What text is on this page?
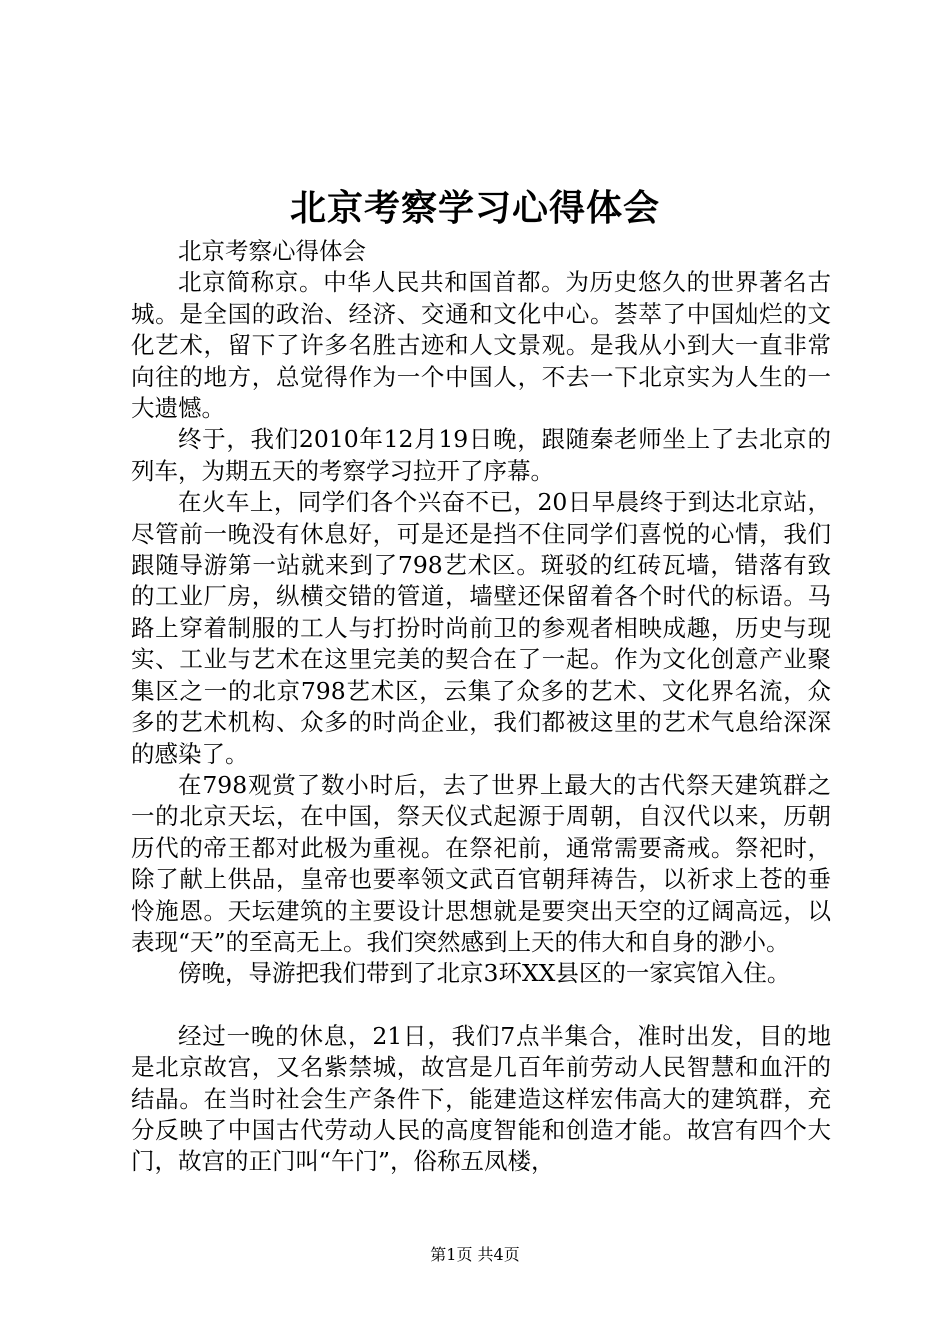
北京考察学习心得体会

北京考察心得体会

北京简称京。中华人民共和国首都。为历史悠久的世界著名古城。是全国的政治、经济、交通和文化中心。荟萃了中国灿烂的文化艺术，留下了许多名胜古迹和人文景观。是我从小到大一直非常向往的地方，总觉得作为一个中国人，不去一下北京实为人生的一大遗憾。

终于，我们2010年12月19日晚，跟随秦老师坐上了去北京的列车，为期五天的考察学习拉开了序幕。

在火车上，同学们各个兴奋不已，20日早晨终于到达北京站，尽管前一晚没有休息好，可是还是挡不住同学们喜悦的心情，我们跟随导游第一站就来到了798艺术区。斑驳的红砖瓦墙，错落有致的工业厂房，纵横交错的管道，墙壁还保留着各个时代的标语。马路上穿着制服的工人与打扮时尚前卫的参观者相映成趣，历史与现实、工业与艺术在这里完美的契合在了一起。作为文化创意产业聚集区之一的北京798艺术区，云集了众多的艺术、文化界名流，众多的艺术机构、众多的时尚企业，我们都被这里的艺术气息给深深的感染了。

在798观赏了数小时后，去了世界上最大的古代祭天建筑群之一的北京天坛，在中国，祭天仪式起源于周朝，自汉代以来，历朝历代的帝王都对此极为重视。在祭祀前，通常需要斋戒。祭祀时，除了献上供品，皇帝也要率领文武百官朝拜祷告，以祈求上苍的垂怜施恩。天坛建筑的主要设计思想就是要突出天空的辽阔高远，以表现“天”的至高无上。我们突然感到上天的伟大和自身的渺小。

傍晚，导游把我们带到了北京3环XX县区的一家宾馆入住。

经过一晚的休息，21日，我们7点半集合，准时出发，目的地是北京故宫，又名紫禁城，故宫是几百年前劳动人民智慧和血汗的结晶。在当时社会生产条件下，能建造这样宏伟高大的建筑群，充分反映了中国古代劳动人民的高度智能和创造才能。故宫有四个大门，故宫的正门叫“午门”，俗称五凤楼，

第1页 共4页
